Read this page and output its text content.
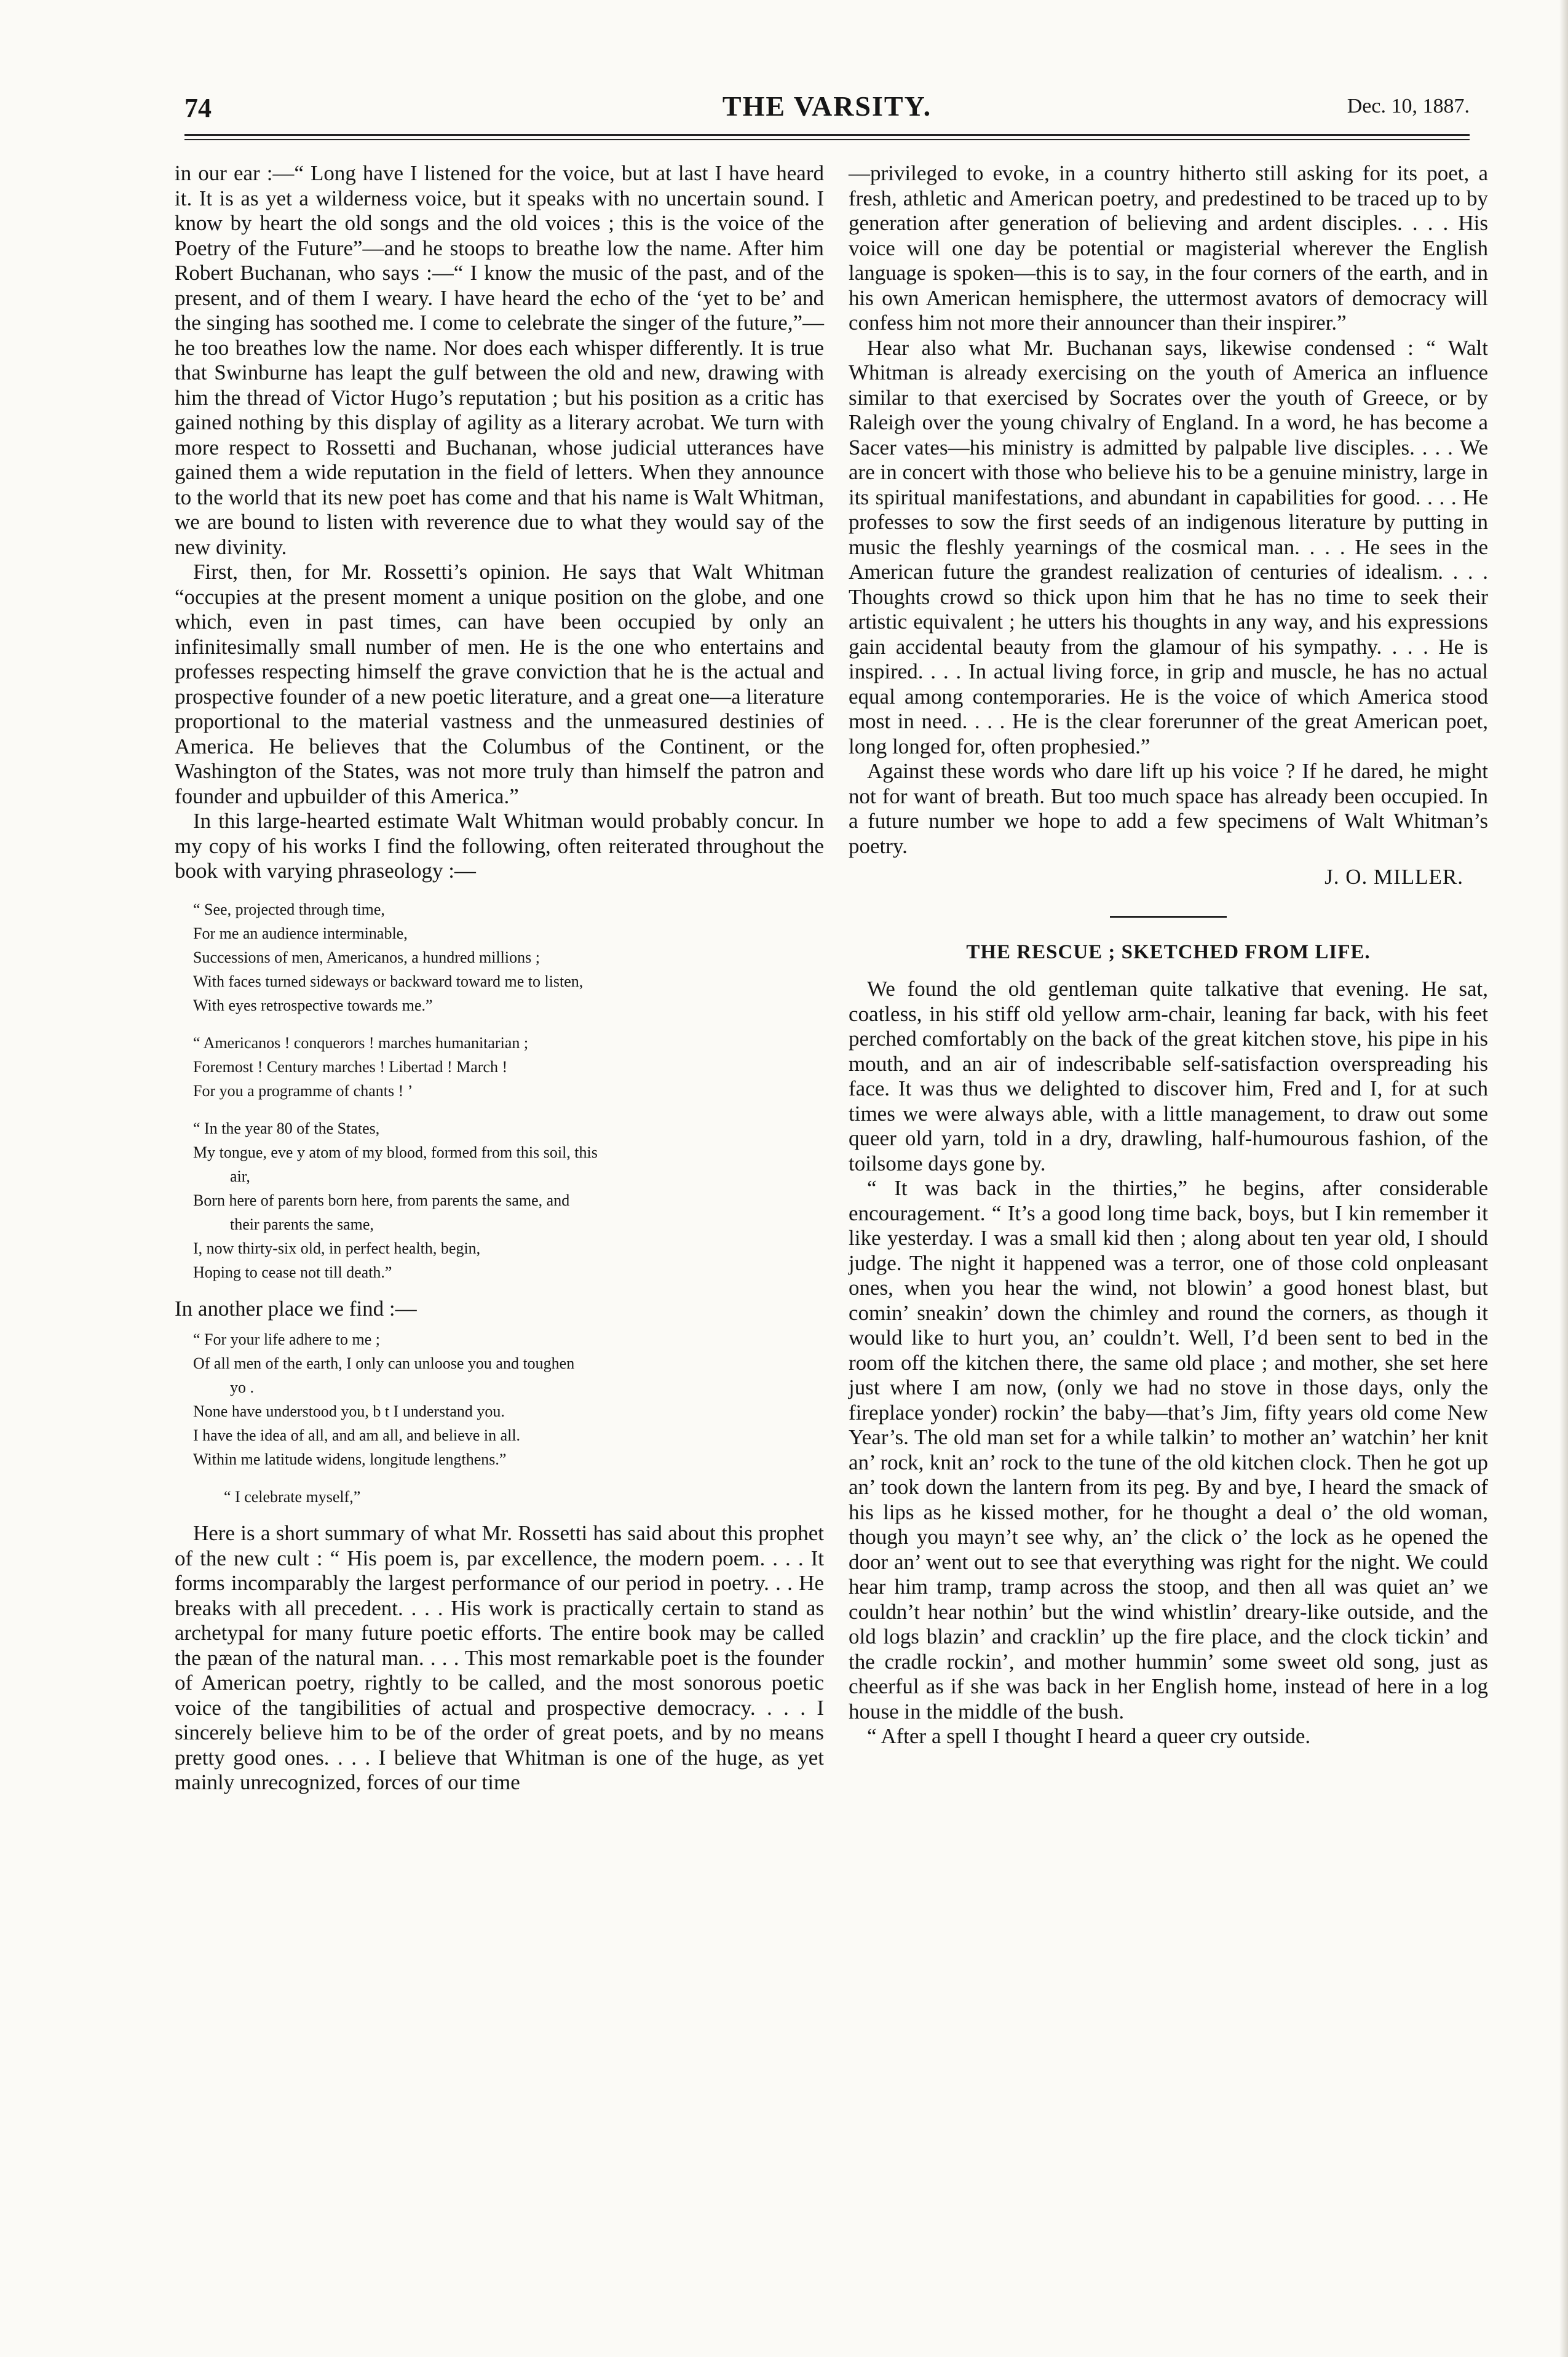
74	THE VARSITY.	Dec. 10, 1887.

in our ear :—“ Long have I listened for the voice, but at last I have heard it. It is as yet a wilderness voice, but it speaks with no uncertain sound. I know by heart the old songs and the old voices ; this is the voice of the Poetry of the Future”—and he stoops to breathe low the name. After him Robert Buchanan, who says :—“ I know the music of the past, and of the present, and of them I weary. I have heard the echo of the ‘yet to be’ and the singing has soothed me. I come to celebrate the singer of the future,”—he too breathes low the name. Nor does each whisper differently. It is true that Swinburne has leapt the gulf between the old and new, drawing with him the thread of Victor Hugo’s reputation ; but his position as a critic has gained nothing by this display of agility as a literary acrobat. We turn with more respect to Rossetti and Buchanan, whose judicial utterances have gained them a wide reputation in the field of letters. When they announce to the world that its new poet has come and that his name is Walt Whitman, we are bound to listen with reverence due to what they would say of the new divinity.

First, then, for Mr. Rossetti’s opinion. He says that Walt Whitman “occupies at the present moment a unique position on the globe, and one which, even in past times, can have been occupied by only an infinitesimally small number of men. He is the one who entertains and professes respecting himself the grave conviction that he is the actual and prospective founder of a new poetic literature, and a great one—a literature proportional to the material vastness and the unmeasured destinies of America. He believes that the Columbus of the Continent, or the Washington of the States, was not more truly than himself the patron and founder and upbuilder of this America.”

In this large-hearted estimate Walt Whitman would probably concur. In my copy of his works I find the following, often reiterated throughout the book with varying phraseology :—

“ See, projected through time,
For me an audience interminable,
Successions of men, Americanos, a hundred millions ;
With faces turned sideways or backward toward me to listen,
With eyes retrospective towards me.”
“ Americanos ! conquerors ! marches humanitarian ;
Foremost ! Century marches ! Libertad ! March !
For you a programme of chants ! ’
“ In the year 80 of the States,
My tongue, eve y atom of my blood, formed from this soil, this
air,
Born here of parents born here, from parents the same, and
their parents the same,
I, now thirty-six old, in perfect health, begin,
Hoping to cease not till death.”

In another place we find :—

“ For your life adhere to me ;
Of all men of the earth, I only can unloose you and toughen
yo .
None have understood you, b t I understand you.
I have the idea of all, and am all, and believe in all.
Within me latitude widens, longitude lengthens.”
“ I celebrate myself,”

Here is a short summary of what Mr. Rossetti has said about this prophet of the new cult : “ His poem is, par excellence, the modern poem. . . . It forms incomparably the largest performance of our period in poetry. . . He breaks with all precedent. . . . His work is practically certain to stand as archetypal for many future poetic efforts. The entire book may be called the pæan of the natural man. . . . This most remarkable poet is the founder of American poetry, rightly to be called, and the most sonorous poetic voice of the tangibilities of actual and prospective democracy. . . . I sincerely believe him to be of the order of great poets, and by no means pretty good ones. . . . I believe that Whitman is one of the huge, as yet mainly unrecognized, forces of our time

—privileged to evoke, in a country hitherto still asking for its poet, a fresh, athletic and American poetry, and predestined to be traced up to by generation after generation of believing and ardent disciples. . . . His voice will one day be potential or magisterial wherever the English language is spoken—this is to say, in the four corners of the earth, and in his own American hemisphere, the uttermost avators of democracy will confess him not more their announcer than their inspirer.”

Hear also what Mr. Buchanan says, likewise condensed : “ Walt Whitman is already exercising on the youth of America an influence similar to that exercised by Socrates over the youth of Greece, or by Raleigh over the young chivalry of England. In a word, he has become a Sacer vates—his ministry is admitted by palpable live disciples. . . . We are in concert with those who believe his to be a genuine ministry, large in its spiritual manifestations, and abundant in capabilities for good. . . . He professes to sow the first seeds of an indigenous literature by putting in music the fleshly yearnings of the cosmical man. . . . He sees in the American future the grandest realization of centuries of idealism. . . . Thoughts crowd so thick upon him that he has no time to seek their artistic equivalent ; he utters his thoughts in any way, and his expressions gain accidental beauty from the glamour of his sympathy. . . . He is inspired. . . . In actual living force, in grip and muscle, he has no actual equal among contemporaries. He is the voice of which America stood most in need. . . . He is the clear forerunner of the great American poet, long longed for, often prophesied.”

Against these words who dare lift up his voice ? If he dared, he might not for want of breath. But too much space has already been occupied. In a future number we hope to add a few specimens of Walt Whitman’s poetry.

J. O. MILLER.

THE RESCUE ; SKETCHED FROM LIFE.

We found the old gentleman quite talkative that evening. He sat, coatless, in his stiff old yellow arm-chair, leaning far back, with his feet perched comfortably on the back of the great kitchen stove, his pipe in his mouth, and an air of indescribable self-satisfaction overspreading his face. It was thus we delighted to discover him, Fred and I, for at such times we were always able, with a little management, to draw out some queer old yarn, told in a dry, drawling, half-humourous fashion, of the toilsome days gone by.

“ It was back in the thirties,” he begins, after considerable encouragement. “ It’s a good long time back, boys, but I kin remember it like yesterday. I was a small kid then ; along about ten year old, I should judge. The night it happened was a terror, one of those cold onpleasant ones, when you hear the wind, not blowin’ a good honest blast, but comin’ sneakin’ down the chimley and round the corners, as though it would like to hurt you, an’ couldn’t. Well, I’d been sent to bed in the room off the kitchen there, the same old place ; and mother, she set here just where I am now, (only we had no stove in those days, only the fireplace yonder) rockin’ the baby—that’s Jim, fifty years old come New Year’s. The old man set for a while talkin’ to mother an’ watchin’ her knit an’ rock, knit an’ rock to the tune of the old kitchen clock. Then he got up an’ took down the lantern from its peg. By and bye, I heard the smack of his lips as he kissed mother, for he thought a deal o’ the old woman, though you mayn’t see why, an’ the click o’ the lock as he opened the door an’ went out to see that everything was right for the night. We could hear him tramp, tramp across the stoop, and then all was quiet an’ we couldn’t hear nothin’ but the wind whistlin’ dreary-like outside, and the old logs blazin’ and cracklin’ up the fire place, and the clock tickin’ and the cradle rockin’, and mother hummin’ some sweet old song, just as cheerful as if she was back in her English home, instead of here in a log house in the middle of the bush.

“ After a spell I thought I heard a queer cry outside.
